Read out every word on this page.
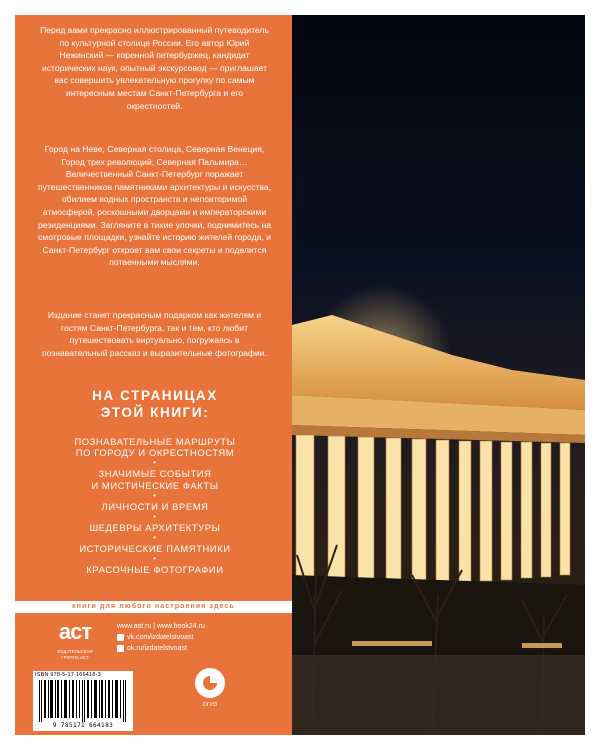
Перед вами прекрасно иллюстрированный путеводитель по культурной столице России. Его автор Юрий Нежинский — коренной петербуржец, кандидат исторических наук, опытный экскурсовод — приглашает вас совершить увлекательную прогулку по самым интересным местам Санкт-Петербурга и его окрестностей.

Город на Неве, Северная столица, Северная Венеция, Город трех революций, Северная Пальмира… Величественный Санкт-Петербург поражает путешественников памятниками архитектуры и искусства, обилием водных пространств и неповторимой атмосферой, роскошными дворцами и императорскими резиденциями. Загляните в тихие улочки, поднимитесь на смотровые площадки, узнайте историю жителей города, и Санкт-Петербург откроет вам свои секреты и поделится потаенными мыслями.

Издание станет прекрасным подарком как жителям и гостям Санкт-Петербурга, так и тем, кто любит путешествовать виртуально, погружаясь в познавательный рассказ и выразительные фотографии.

НА СТРАНИЦАХ
ЭТОЙ КНИГИ:
ПОЗНАВАТЕЛЬНЫЕ МАРШРУТЫ
ПО ГОРОДУ И ОКРЕСТНОСТЯМ
•
ЗНАЧИМЫЕ СОБЫТИЯ
И МИСТИЧЕСКИЕ ФАКТЫ
•
ЛИЧНОСТИ И ВРЕМЯ
•
ШЕДЕВРЫ АРХИТЕКТУРЫ
•
ИСТОРИЧЕСКИЕ ПАМЯТНИКИ
•
КРАСОЧНЫЕ ФОТОГРАФИИ
книги для любого настроения здесь
аст
ИЗДАТЕЛЬСКАЯ ГРУППА АСТ
www.ast.ru | www.book24.ru
vk.com/izdatelstvoast
ok.ru/izdatelstvoast
ISBN 978-5-17-166418-3
9 785171 664183
ОГИЗ
